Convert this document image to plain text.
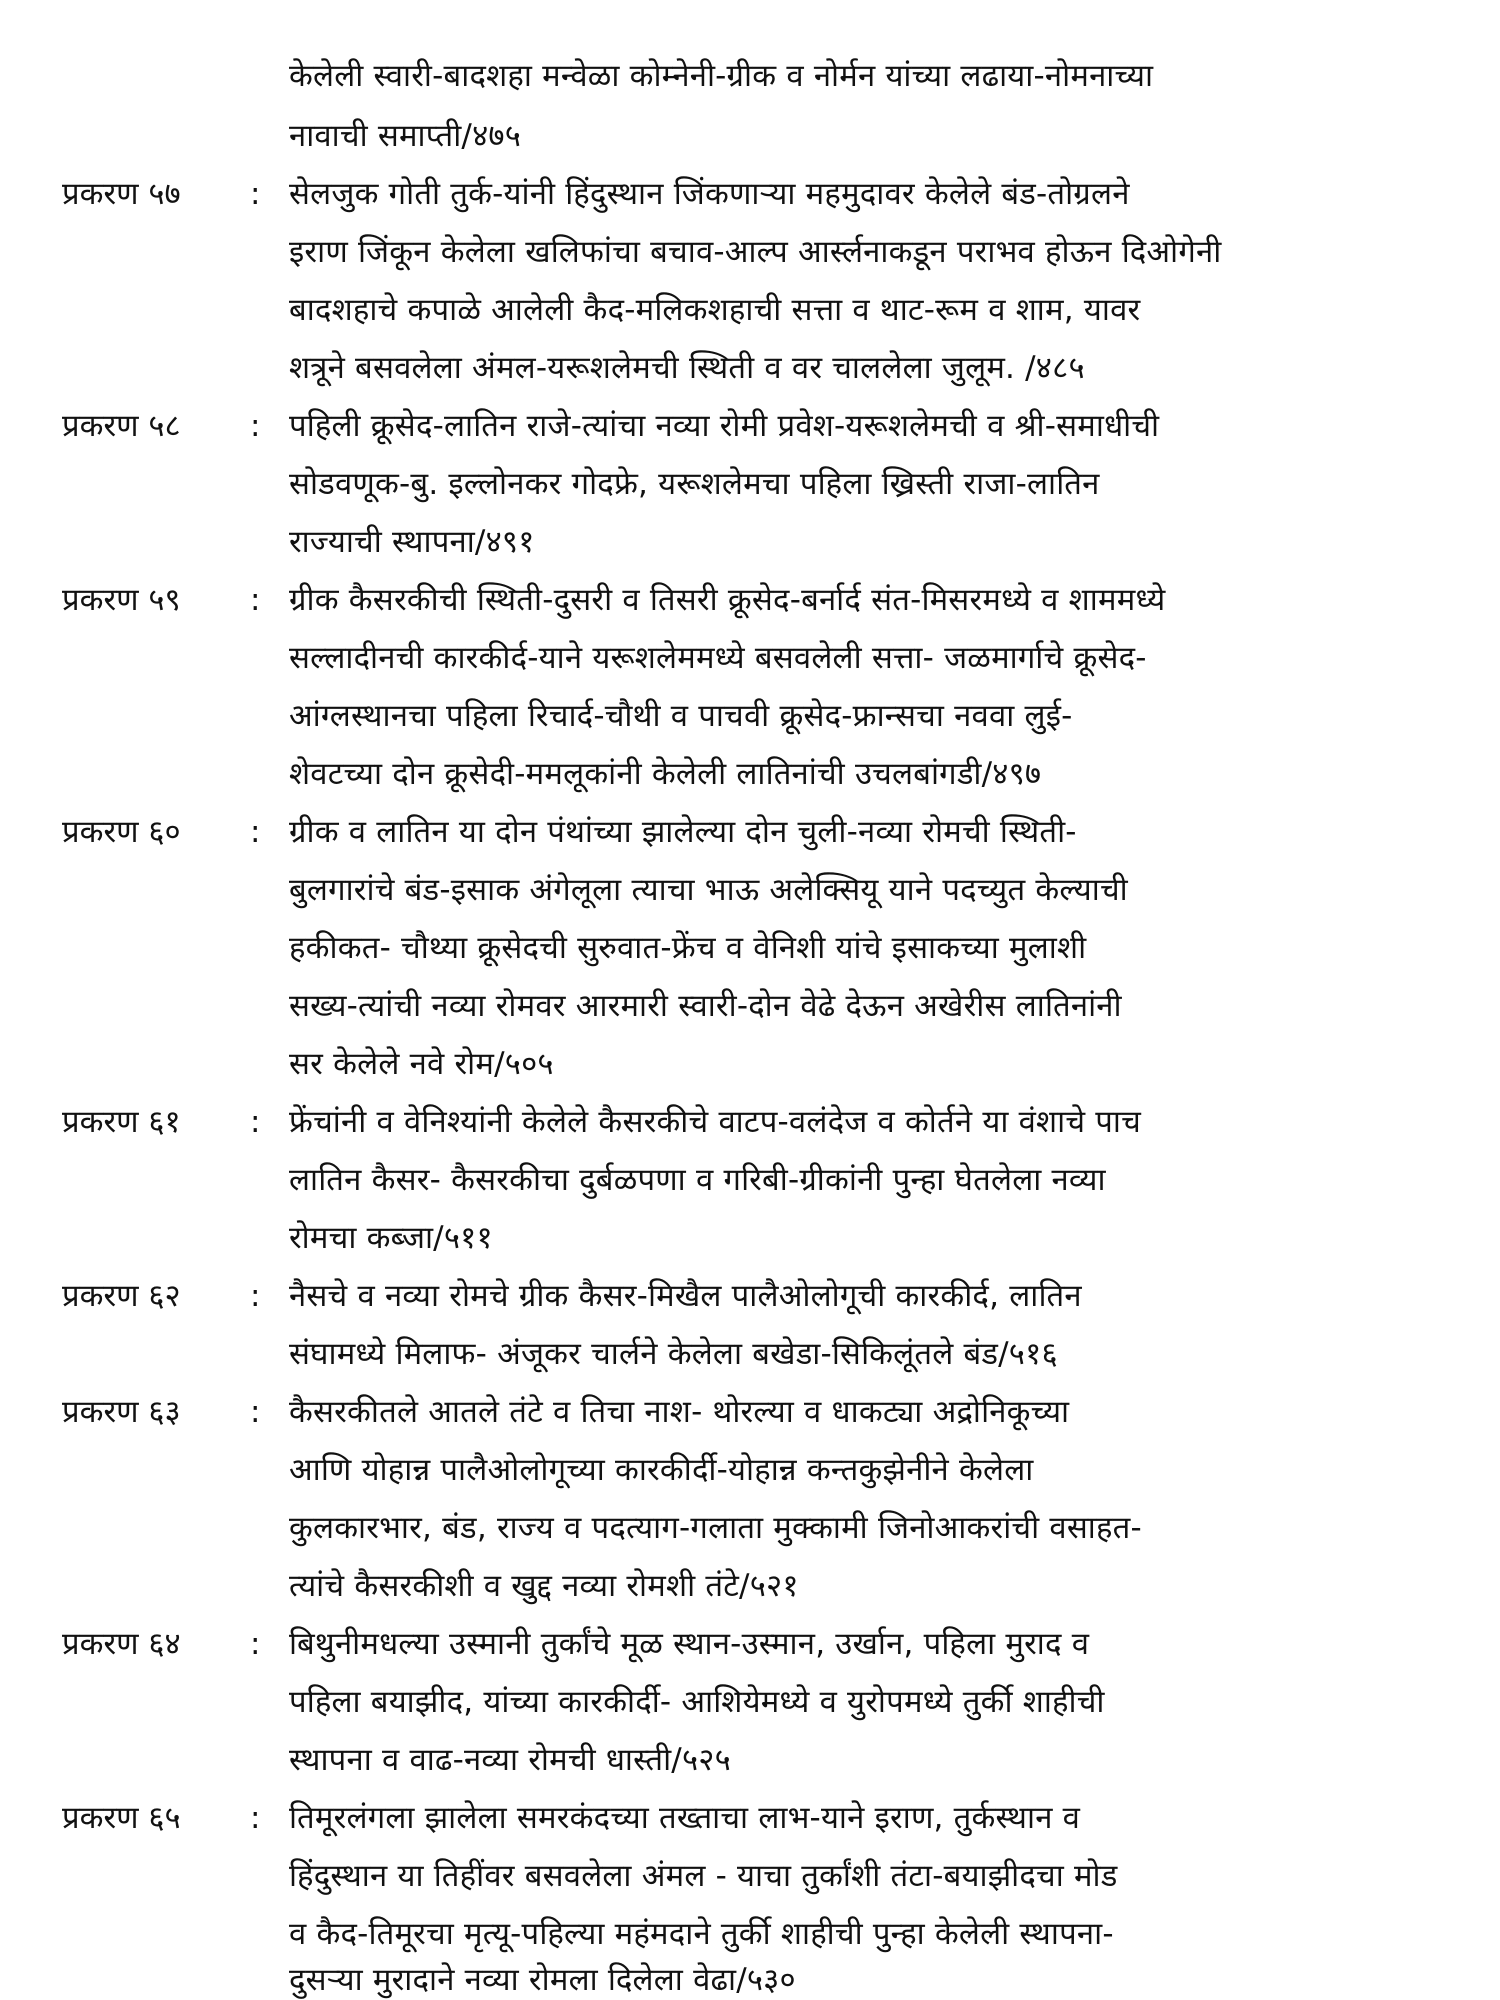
केलेली स्वारी-बादशहा मन्वेळा कोम्नेनी-ग्रीक व नोर्मन यांच्या लढाया-नोमनाच्या
नावाची समाप्ती/४७५
प्रकरण ५७ : सेलजुक गोती तुर्क-यांनी हिंदुस्थान जिंकणाऱ्या महमुदावर केलेले बंड-तोग्रलने
इराण जिंकून केलेला खलिफांचा बचाव-आल्प आर्स्लनाकडून पराभव होऊन दिओगेनी
बादशहाचे कपाळे आलेली कैद-मलिकशहाची सत्ता व थाट-रूम व शाम, यावर
शत्रूने बसवलेला अंमल-यरूशलेमची स्थिती व वर चाललेला जुलूम. /४८५
प्रकरण ५८ : पहिली क्रूसेद-लातिन राजे-त्यांचा नव्या रोमी प्रवेश-यरूशलेमची व श्री-समाधीची
सोडवणूक-बु. इल्लोनकर गोदफ्रे, यरूशलेमचा पहिला ख्रिस्ती राजा-लातिन
राज्याची स्थापना/४९१
प्रकरण ५९ : ग्रीक कैसरकीची स्थिती-दुसरी व तिसरी क्रूसेद-बर्नार्द संत-मिसरमध्ये व शाममध्ये
सल्लादीनची कारकीर्द-याने यरूशलेममध्ये बसवलेली सत्ता- जळमार्गाचे क्रूसेद-
आंग्लस्थानचा पहिला रिचार्द-चौथी व पाचवी क्रूसेद-फ्रान्सचा नववा लुई-
शेवटच्या दोन क्रूसेदी-ममलूकांनी केलेली लातिनांची उचलबांगडी/४९७
प्रकरण ६० : ग्रीक व लातिन या दोन पंथांच्या झालेल्या दोन चुली-नव्या रोमची स्थिती-
बुलगारांचे बंड-इसाक अंगेलूला त्याचा भाऊ अलेक्सियू याने पदच्युत केल्याची
हकीकत- चौथ्या क्रूसेदची सुरुवात-फ्रेंच व वेनिशी यांचे इसाकच्या मुलाशी
सख्य-त्यांची नव्या रोमवर आरमारी स्वारी-दोन वेढे देऊन अखेरीस लातिनांनी
सर केलेले नवे रोम/५०५
प्रकरण ६१ : फ्रेंचांनी व वेनिश्यांनी केलेले कैसरकीचे वाटप-वलंदेज व कोर्तने या वंशाचे पाच
लातिन कैसर- कैसरकीचा दुर्बळपणा व गरिबी-ग्रीकांनी पुन्हा घेतलेला नव्या
रोमचा कब्जा/५११
प्रकरण ६२ : नैसचे व नव्या रोमचे ग्रीक कैसर-मिखैल पालैओलोगूची कारकीर्द, लातिन
संघामध्ये मिलाफ- अंजूकर चार्लने केलेला बखेडा-सिकिलूंतले बंड/५१६
प्रकरण ६३ : कैसरकीतले आतले तंटे व तिचा नाश- थोरल्या व धाकट्या अद्रोनिकूच्या
आणि योहान्न पालैओलोगूच्या कारकीर्दी-योहान्न कन्तकुझेनीने केलेला
कुलकारभार, बंड, राज्य व पदत्याग-गलाता मुक्कामी जिनोआकरांची वसाहत-
त्यांचे कैसरकीशी व खुद्द नव्या रोमशी तंटे/५२१
प्रकरण ६४ : बिथुनीमधल्या उस्मानी तुर्कांचे मूळ स्थान-उस्मान, उर्खान, पहिला मुराद व
पहिला बयाझीद, यांच्या कारकीर्दी- आशियेमध्ये व युरोपमध्ये तुर्की शाहीची
स्थापना व वाढ-नव्या रोमची धास्ती/५२५
प्रकरण ६५ : तिमूरलंगला झालेला समरकंदच्या तख्ताचा लाभ-याने इराण, तुर्कस्थान व
हिंदुस्थान या तिहींवर बसवलेला अंमल - याचा तुर्कांशी तंटा-बयाझीदचा मोड
व कैद-तिमूरचा मृत्यू-पहिल्या महंमदाने तुर्की शाहीची पुन्हा केलेली स्थापना-
दुसऱ्या मुरादाने नव्या रोमला दिलेला वेढा/५३०
